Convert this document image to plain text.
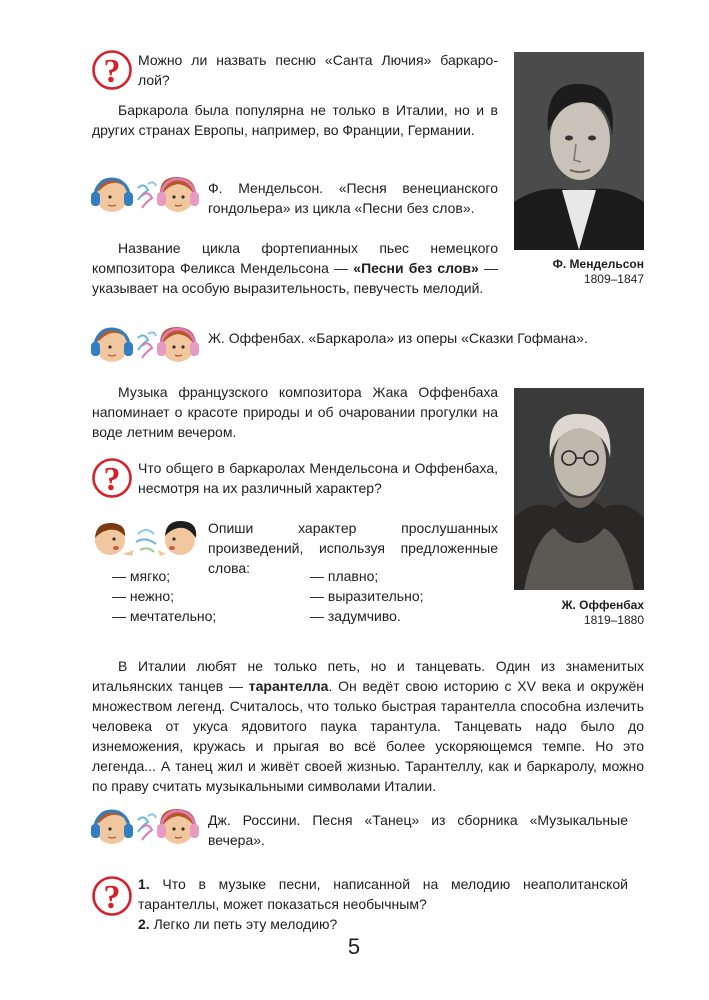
Можно ли назвать песню «Санта Лючия» баркаро-

лой?

Баркарола была популярна не только в Италии, но и в других странах Европы, например, во Франции, Германии.

Ф. Мендельсон
1809–1847

Ф. Мендельсон. «Песня венецианского гондольера» из цикла «Песни без слов».

Название цикла фортепианных пьес немецкого композитора Феликса Мендельсона — «Песни без слов» — указывает на особую выразительность, певучесть мелодий.

Ж. Оффенбах. «Баркарола» из оперы «Сказки Гофмана».

Музыка французского композитора Жака Оффенбаха напоминает о красоте природы и об очаровании прогулки на воде летним вечером.

Ж. Оффенбах
1819–1880

Что общего в баркаролах Мендельсона и Оффенбаха, несмотря на их различный характер?

Опиши характер прослушанных произведений, используя предложенные слова:

— мягко;
— нежно;
— мечтательно;
— плавно;
— выразительно;
— задумчиво.

В Италии любят не только петь, но и танцевать. Один из знаменитых итальянских танцев — тарантелла. Он ведёт свою историю с XV века и окружён множеством легенд. Считалось, что только быстрая тарантелла способна излечить человека от укуса ядовитого паука тарантула. Танцевать надо было до изнеможения, кружась и прыгая во всё более ускоряющемся темпе. Но это легенда... А танец жил и живёт своей жизнью. Тарантеллу, как и баркаролу, можно по праву считать музыкальными символами Италии.

Дж. Россини. Песня «Танец» из сборника «Музыкальные вечера».

1. Что в музыке песни, написанной на мелодию неаполитанской тарантеллы, может показаться необычным?

2. Легко ли петь эту мелодию?

5
